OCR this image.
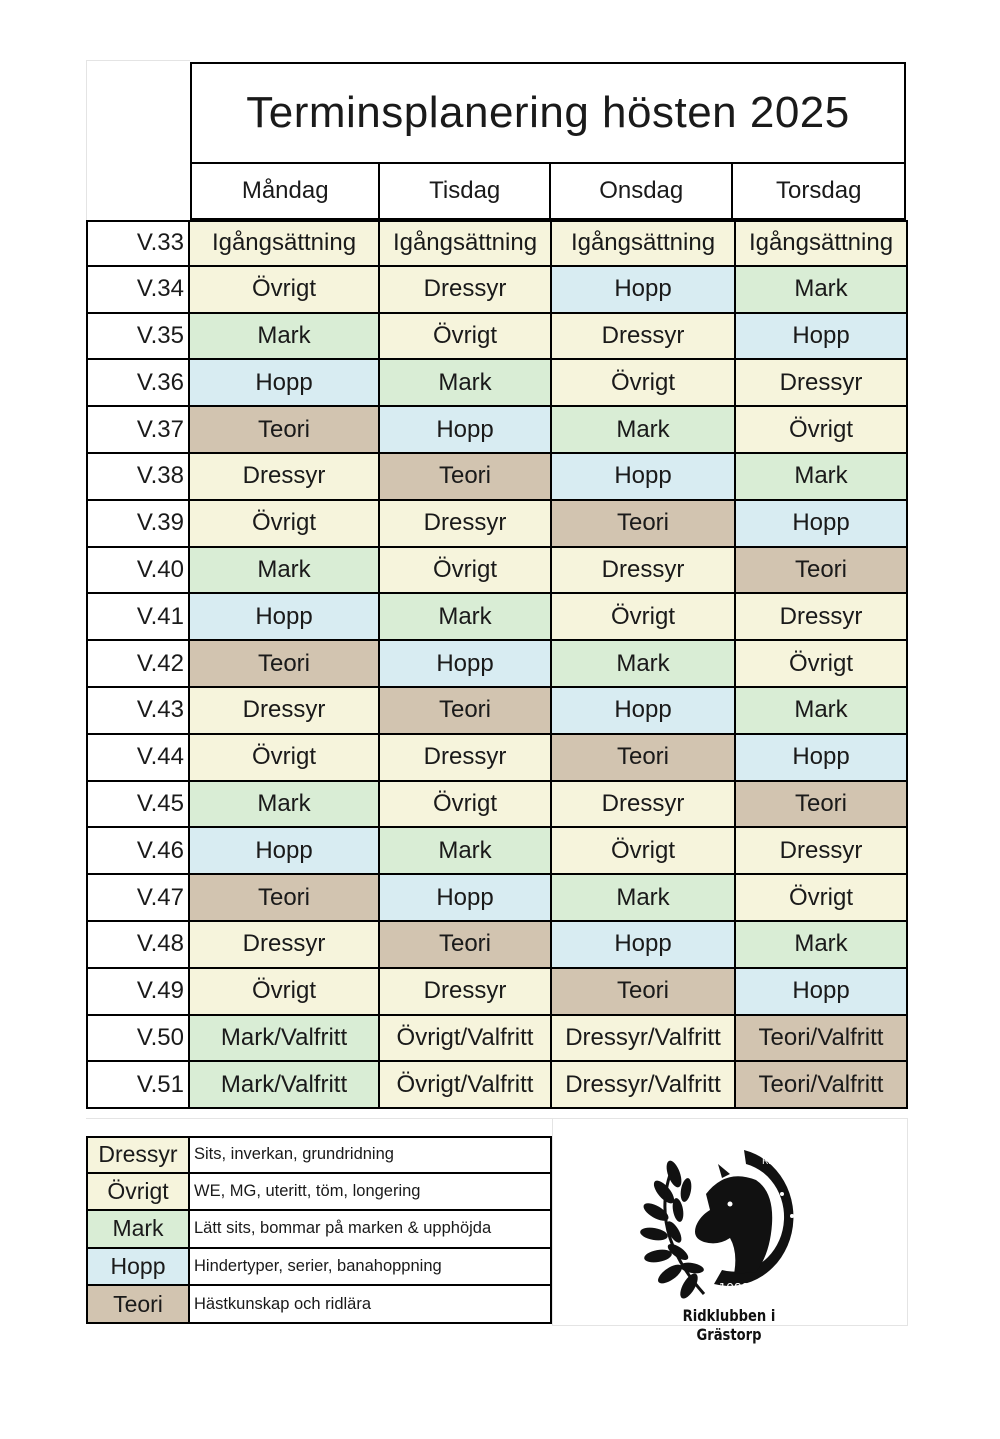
Terminsplanering hösten 2025
Måndag	Tisdag	Onsdag	Torsdag
V.33	Igångsättning	Igångsättning	Igångsättning	Igångsättning
V.34	Övrigt	Dressyr	Hopp	Mark
V.35	Mark	Övrigt	Dressyr	Hopp
V.36	Hopp	Mark	Övrigt	Dressyr
V.37	Teori	Hopp	Mark	Övrigt
V.38	Dressyr	Teori	Hopp	Mark
V.39	Övrigt	Dressyr	Teori	Hopp
V.40	Mark	Övrigt	Dressyr	Teori
V.41	Hopp	Mark	Övrigt	Dressyr
V.42	Teori	Hopp	Mark	Övrigt
V.43	Dressyr	Teori	Hopp	Mark
V.44	Övrigt	Dressyr	Teori	Hopp
V.45	Mark	Övrigt	Dressyr	Teori
V.46	Hopp	Mark	Övrigt	Dressyr
V.47	Teori	Hopp	Mark	Övrigt
V.48	Dressyr	Teori	Hopp	Mark
V.49	Övrigt	Dressyr	Teori	Hopp
V.50	Mark/Valfritt	Övrigt/Valfritt	Dressyr/Valfritt	Teori/Valfritt
V.51	Mark/Valfritt	Övrigt/Valfritt	Dressyr/Valfritt	Teori/Valfritt
Dressyr Sits, inverkan, grundridning
Övrigt	WE, MG, uteritt, töm, longering
Mark	Lätt sits, bommar på marken & upphöjda
Hopp	Hindertyper, serier, banahoppning
Teori	Hästkunskap och ridlära
RIG
1988
Ridklubben i Grästorp
